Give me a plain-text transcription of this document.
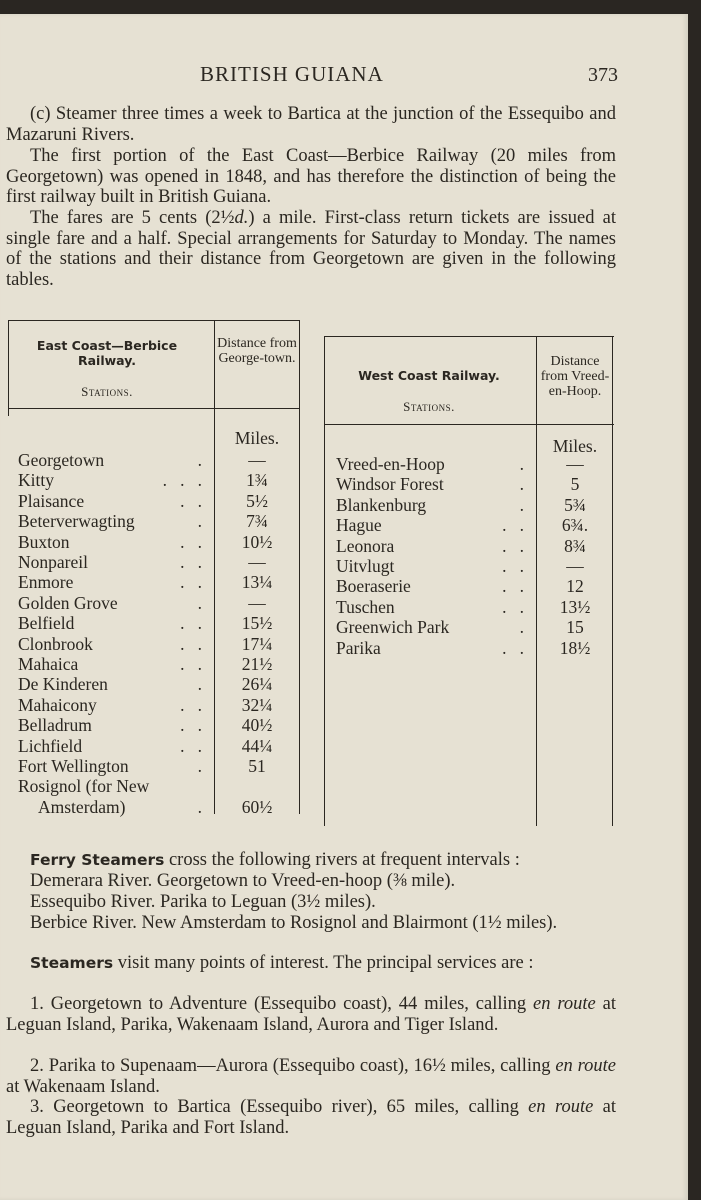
BRITISH GUIANA	373
(c) Steamer three times a week to Bartica at the junction of the Essequibo and Mazaruni Rivers.
The first portion of the East Coast—Berbice Railway (20 miles from Georgetown) was opened in 1848, and has therefore the distinction of being the first railway built in British Guiana.
The fares are 5 cents (2½d.) a mile. First-class return tickets are issued at single fare and a half. Special arrangements for Saturday to Monday. The names of the stations and their distance from Georgetown are given in the following tables.
East Coast—Berbice Railway.
Stations.
Distance from George-town.
Miles.
Georgetown	.	—
Kitty	.   .   .	1¾
Plaisance	.   .	5½
Beterverwagting	.	7¾
Buxton	.   .	10½
Nonpareil	.   .	—
Enmore	.   .	13¼
Golden Grove	.	—
Belfield	.   .	15½
Clonbrook	.   .	17¼
Mahaica	.   .	21½
De Kinderen	.	26¼
Mahaicony	.   .	32¼
Belladrum	.   .	40½
Lichfield	.   .	44¼
Fort Wellington	.	51
Rosignol (for New
Amsterdam)	.	60½
West Coast Railway.
Stations.
Distance from Vreed-en-Hoop.
Miles.
Vreed-en-Hoop	.	—
Windsor Forest	.	5
Blankenburg	.	5¾
Hague	.   .	6¾.
Leonora	.   .	8¾
Uitvlugt	.   .	—
Boeraserie	.   .	12
Tuschen	.   .	13½
Greenwich Park	.	15
Parika	.   .	18½
Ferry Steamers cross the following rivers at frequent intervals :
Demerara River. Georgetown to Vreed-en-hoop (⅜ mile).
Essequibo River. Parika to Leguan (3½ miles).
Berbice River. New Amsterdam to Rosignol and Blairmont (1½ miles).
Steamers visit many points of interest. The principal services are :
1. Georgetown to Adventure (Essequibo coast), 44 miles, calling en route at Leguan Island, Parika, Wakenaam Island, Aurora and Tiger Island.
2. Parika to Supenaam—Aurora (Essequibo coast), 16½ miles, calling en route at Wakenaam Island.
3. Georgetown to Bartica (Essequibo river), 65 miles, calling en route at Leguan Island, Parika and Fort Island.
